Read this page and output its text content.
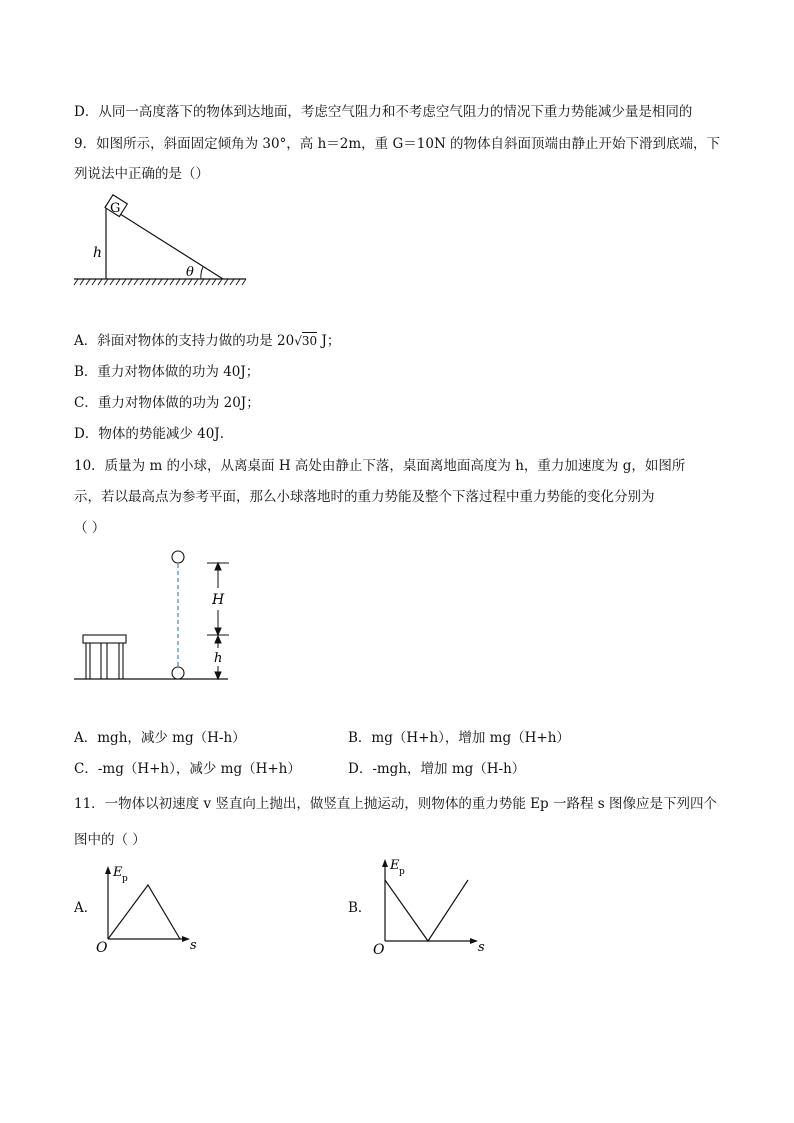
D．从同一高度落下的物体到达地面，考虑空气阻力和不考虑空气阻力的情况下重力势能减少量是相同的
9．如图所示，斜面固定倾角为 30°，高 h＝2m，重 G＝10N 的物体自斜面顶端由静止开始下滑到底端，下
列说法中正确的是（）
G
h
θ
A．斜面对物体的支持力做的功是 20√30 J；
B．重力对物体做的功为 40J；
C．重力对物体做的功为 20J；
D．物体的势能减少 40J．
10．质量为 m 的小球，从离桌面 H 高处由静止下落，桌面离地面高度为 h，重力加速度为 g，如图所
示，若以最高点为参考平面，那么小球落地时的重力势能及整个下落过程中重力势能的变化分别为
（ ）
H
h
A．mgh，减少 mg（H-h）	B．mg（H+h），增加 mg（H+h）
C．-mg（H+h），减少 mg（H+h）	D．-mgh，增加 mg（H-h）
11．一物体以初速度 v 竖直向上抛出，做竖直上抛运动，则物体的重力势能 Ep 一路程 s 图像应是下列四个
图中的（ ）
A．
E p
s
O
B．
E p
s
O
